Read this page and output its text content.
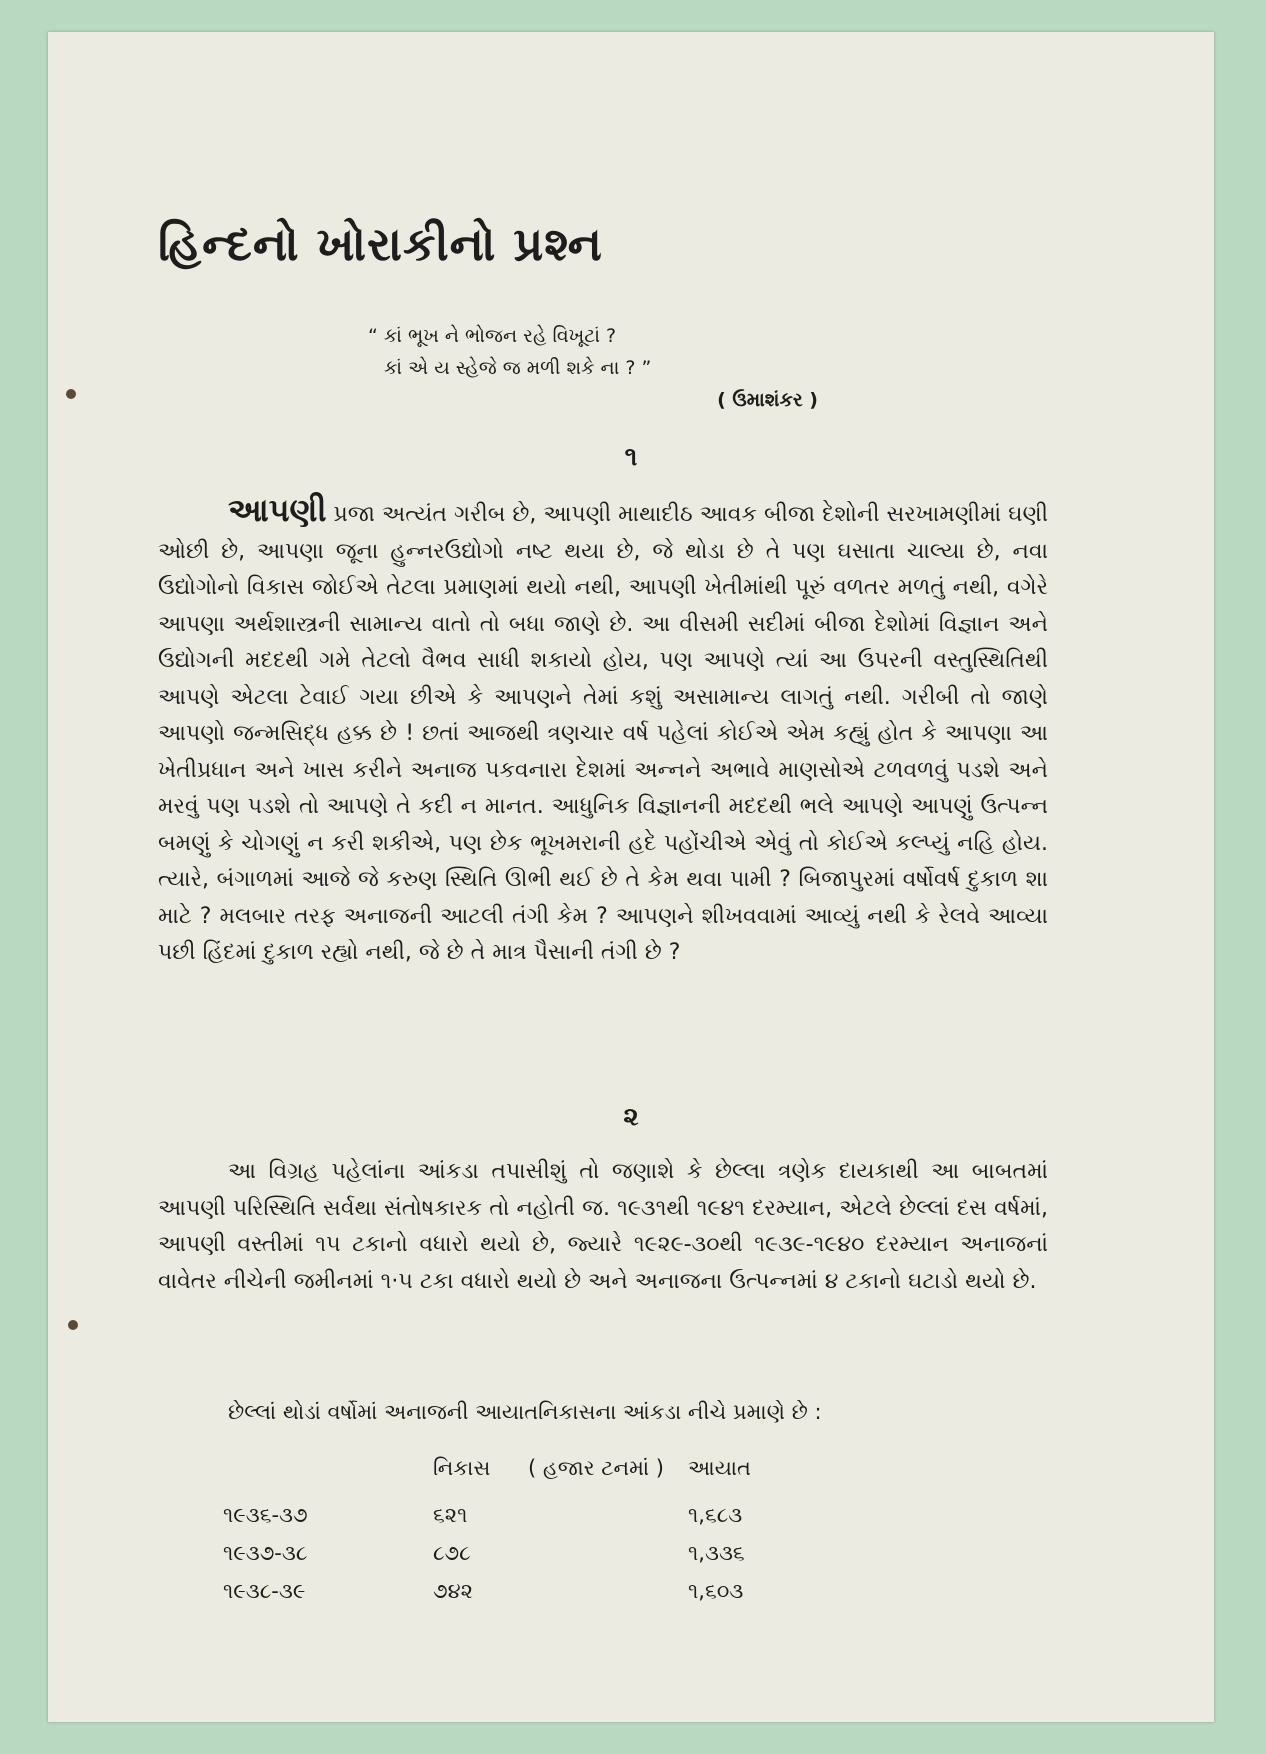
હિન્દનો ખોરાકીનો પ્રશ્ન
“ કાં ભૂખ ને ભોજન રહે વિખૂટાં ?
કાં એ ય સ્હેજે જ મળી શકે ના ? ”
( ઉમાશંકર )
૧
આપણી પ્રજા અત્યંત ગરીબ છે, આપણી માથાદીઠ આવક બીજા દેશોની સરખામણીમાં ઘણી ઓછી છે, આપણા જૂના હુન્નરઉદ્યોગો નષ્ટ થયા છે, જે થોડા છે તે પણ ઘસાતા ચાલ્યા છે, નવા ઉદ્યોગોનો વિકાસ જોઈએ તેટલા પ્રમાણમાં થયો નથી, આપણી ખેતીમાંથી પૂરું વળતર મળતું નથી, વગેરે આપણા અર્થશાસ્ત્રની સામાન્ય વાતો તો બધા જાણે છે. આ વીસમી સદીમાં બીજા દેશોમાં વિજ્ઞાન અને ઉદ્યોગની મદદથી ગમે તેટલો વૈભવ સાધી શકાયો હોય, પણ આપણે ત્યાં આ ઉપરની વસ્તુસ્થિતિથી આપણે એટલા ટેવાઈ ગયા છીએ કે આપણને તેમાં કશું અસામાન્ય લાગતું નથી. ગરીબી તો જાણે આપણો જન્મસિદ્ધ હક્ક છે ! છતાં આજથી ત્રણચાર વર્ષ પહેલાં કોઈએ એમ કહ્યું હોત કે આપણા આ ખેતીપ્રધાન અને ખાસ કરીને અનાજ પકવનારા દેશમાં અન્નને અભાવે માણસોએ ટળવળવું પડશે અને મરવું પણ પડશે તો આપણે તે કદી ન માનત. આધુનિક વિજ્ઞાનની મદદથી ભલે આપણે આપણું ઉત્પન્ન બમણું કે ચોગણું ન કરી શકીએ, પણ છેક ભૂખમરાની હદે પહોંચીએ એવું તો કોઈએ કલ્પ્યું નહિ હોય. ત્યારે, બંગાળમાં આજે જે કરુણ સ્થિતિ ઊભી થઈ છે તે કેમ થવા પામી ? બિજાપુરમાં વર્ષોવર્ષ દુકાળ શા માટે ? મલબાર તરફ અનાજની આટલી તંગી કેમ ? આપણને શીખવવામાં આવ્યું નથી કે રેલવે આવ્યા પછી હિંદમાં દુકાળ રહ્યો નથી, જે છે તે માત્ર પૈસાની તંગી છે ?
૨
આ વિગ્રહ પહેલાંના આંકડા તપાસીશું તો જણાશે કે છેલ્લા ત્રણેક દાયકાથી આ બાબતમાં આપણી પરિસ્થિતિ સર્વથા સંતોષકારક તો નહોતી જ. ૧૯૩૧થી ૧૯૪૧ દરમ્યાન, એટલે છેલ્લાં દસ વર્ષમાં, આપણી વસ્તીમાં ૧૫ ટકાનો વધારો થયો છે, જ્યારે ૧૯૨૯-૩૦થી ૧૯૩૯-૧૯૪૦ દરમ્યાન અનાજનાં વાવેતર નીચેની જમીનમાં ૧·૫ ટકા વધારો થયો છે અને અનાજના ઉત્પન્નમાં ૪ ટકાનો ઘટાડો થયો છે.
છેલ્લાં થોડાં વર્ષોમાં અનાજની આયાતનિકાસના આંકડા નીચે પ્રમાણે છે :
	નિકાસ	( હજાર ટનમાં )	આયાત
૧૯૩૬-૩૭	૬૨૧		૧,૬૮૩
૧૯૩૭-૩૮	૮૭૮		૧,૩૩૬
૧૯૩૮-૩૯	૭૪૨		૧,૬૦૩
